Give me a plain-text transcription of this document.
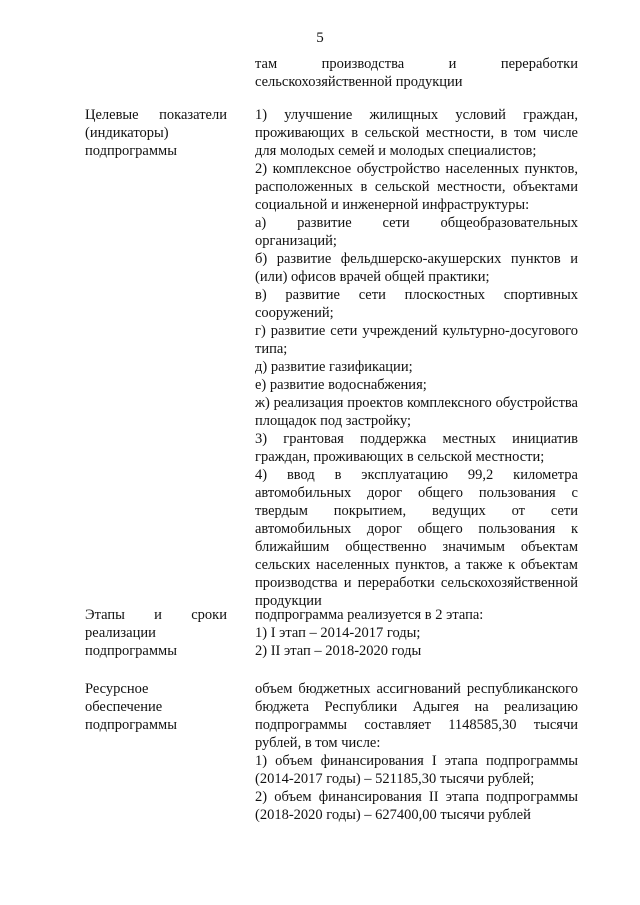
5

там производства и переработки сельскохозяйственной продукции

Целевые показатели (индикаторы) подпрограммы

1) улучшение жилищных условий граждан, проживающих в сельской местности, в том числе для молодых семей и молодых специалистов;

2) комплексное обустройство населенных пунктов, расположенных в сельской местности, объектами социальной и инженерной инфраструктуры:

а) развитие сети общеобразовательных организаций;

б) развитие фельдшерско-акушерских пунктов и (или) офисов врачей общей практики;

в) развитие сети плоскостных спортивных сооружений;

г) развитие сети учреждений культурно-досугового типа;

д) развитие газификации;

е) развитие водоснабжения;

ж) реализация проектов комплексного обустройства площадок под застройку;

3) грантовая поддержка местных инициатив граждан, проживающих в сельской местности;

4) ввод в эксплуатацию 99,2 километра автомобильных дорог общего пользования с твердым покрытием, ведущих от сети автомобильных дорог общего пользования к ближайшим общественно значимым объектам сельских населенных пунктов, а также к объектам производства и переработки сельскохозяйственной продукции

Этапы и сроки реализации подпрограммы

подпрограмма реализуется в 2 этапа:

1) I этап – 2014-2017 годы;

2) II этап – 2018-2020 годы

Ресурсное обеспечение подпрограммы

объем бюджетных ассигнований республиканского бюджета Республики Адыгея на реализацию подпрограммы составляет 1148585,30 тысячи рублей, в том числе:

1) объем финансирования I этапа подпрограммы (2014-2017 годы) – 521185,30 тысячи рублей;

2) объем финансирования II этапа подпрограммы (2018-2020 годы) – 627400,00 тысячи рублей
